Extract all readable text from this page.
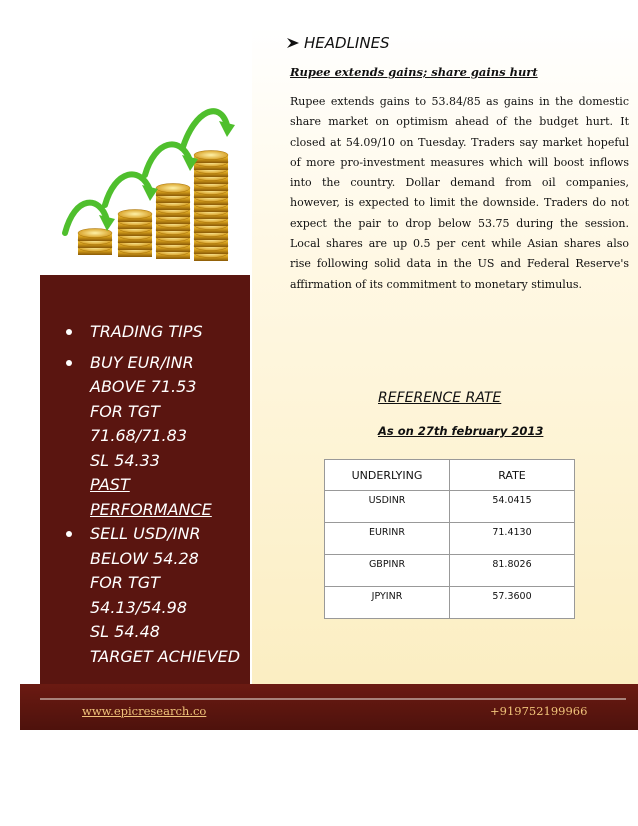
TRADING TIPS
BUY EUR/INR
ABOVE 71.53
FOR TGT
71.68/71.83
SL 54.33
PAST
PERFORMANCE
SELL USD/INR
BELOW 54.28
FOR TGT
54.13/54.98
SL 54.48
TARGET ACHIEVED
HEADLINES
Rupee extends gains; share gains hurt

Rupee extends gains to 53.84/85 as gains in the domestic share market on optimism ahead of the budget hurt. It closed at 54.09/10 on Tuesday. Traders say market hopeful of more pro-investment measures which will boost inflows into the country. Dollar demand from oil companies, however, is expected to limit the downside. Traders do not expect the pair to drop below 53.75 during the session. Local shares are up 0.5 per cent while Asian shares also rise following solid data in the US and Federal Reserve's affirmation of its commitment to monetary stimulus.

REFERENCE RATE
As on 27th february 2013
UNDERLYING	RATE
USDINR	54.0415
EURINR	71.4130
GBPINR	81.8026
JPYINR	57.3600
www.epicresearch.co	+919752199966
